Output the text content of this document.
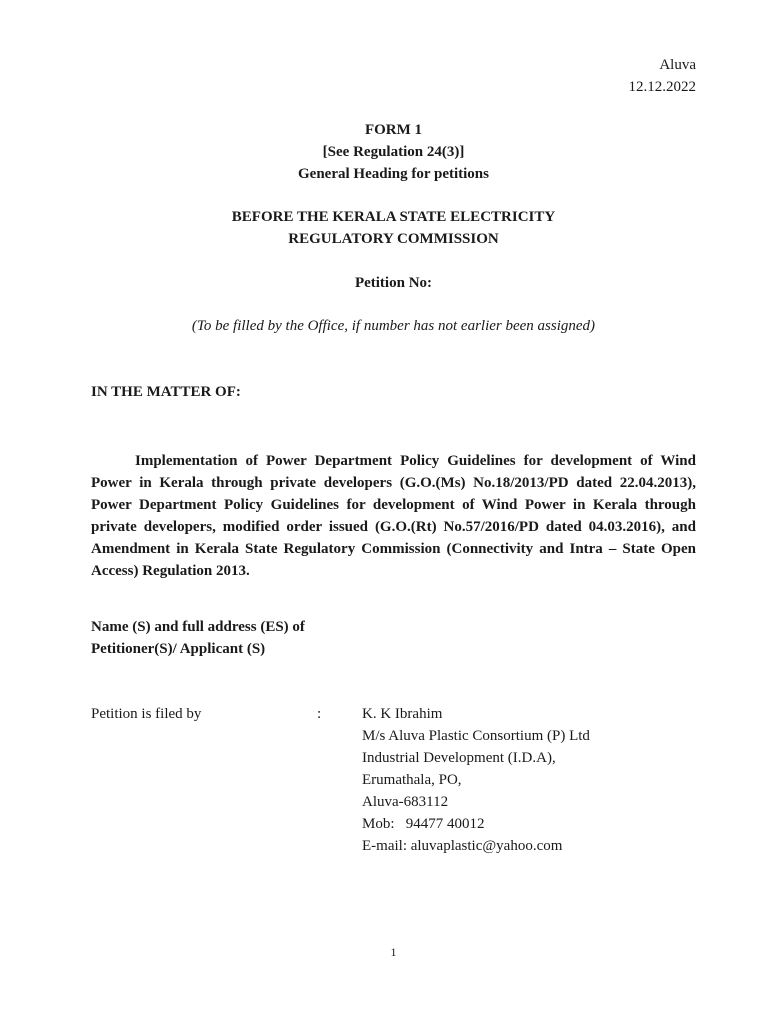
Aluva
12.12.2022
FORM 1
[See Regulation 24(3)]
General Heading for petitions
BEFORE THE KERALA STATE ELECTRICITY
REGULATORY COMMISSION
Petition No:
(To be filled by the Office, if number has not earlier been assigned)
IN THE MATTER OF:

Implementation of Power Department Policy Guidelines for development of Wind Power in Kerala through private developers (G.O.(Ms) No.18/2013/PD dated 22.04.2013), Power Department Policy Guidelines for development of Wind Power in Kerala through private developers, modified order issued (G.O.(Rt) No.57/2016/PD dated 04.03.2016), and Amendment in Kerala State Regulatory Commission (Connectivity and Intra – State Open Access) Regulation 2013.

Name (S) and full address (ES) of
Petitioner(S)/ Applicant (S)
Petition is filed by	:	K. K Ibrahim
M/s Aluva Plastic Consortium (P) Ltd
Industrial Development (I.D.A),
Erumathala, PO,
Aluva-683112
Mob:   94477 40012
E-mail: aluvaplastic@yahoo.com
1
